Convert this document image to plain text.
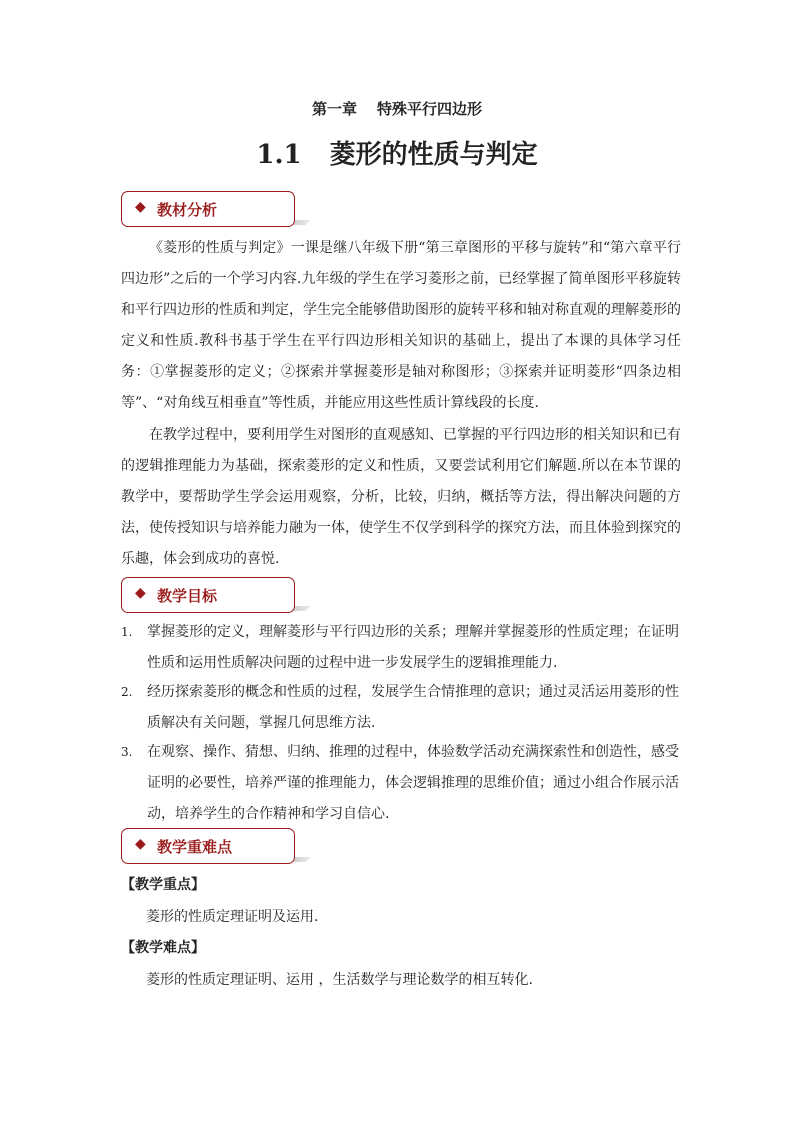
第一章 特殊平行四边形
1.1 菱形的性质与判定
◆ 教材分析

《菱形的性质与判定》一课是继八年级下册“第三章图形的平移与旋转”和“第六章平行四边形”之后的一个学习内容.九年级的学生在学习菱形之前，已经掌握了简单图形平移旋转和平行四边形的性质和判定，学生完全能够借助图形的旋转平移和轴对称直观的理解菱形的定义和性质.教科书基于学生在平行四边形相关知识的基础上，提出了本课的具体学习任务：①掌握菱形的定义；②探索并掌握菱形是轴对称图形；③探索并证明菱形“四条边相等”、“对角线互相垂直”等性质，并能应用这些性质计算线段的长度.

在教学过程中，要利用学生对图形的直观感知、已掌握的平行四边形的相关知识和已有的逻辑推理能力为基础，探索菱形的定义和性质，又要尝试利用它们解题.所以在本节课的教学中，要帮助学生学会运用观察，分析，比较，归纳，概括等方法，得出解决问题的方法，使传授知识与培养能力融为一体，使学生不仅学到科学的探究方法，而且体验到探究的乐趣，体会到成功的喜悦.

◆ 教学目标
1. 掌握菱形的定义，理解菱形与平行四边形的关系；理解并掌握菱形的性质定理；在证明性质和运用性质解决问题的过程中进一步发展学生的逻辑推理能力.
2. 经历探索菱形的概念和性质的过程，发展学生合情推理的意识；通过灵活运用菱形的性质解决有关问题，掌握几何思维方法.
3. 在观察、操作、猜想、归纳、推理的过程中，体验数学活动充满探索性和创造性，感受证明的必要性，培养严谨的推理能力，体会逻辑推理的思维价值；通过小组合作展示活动，培养学生的合作精神和学习自信心.
◆ 教学重难点
【教学重点】
菱形的性质定理证明及运用.
【教学难点】
菱形的性质定理证明、运用 ，生活数学与理论数学的相互转化.
